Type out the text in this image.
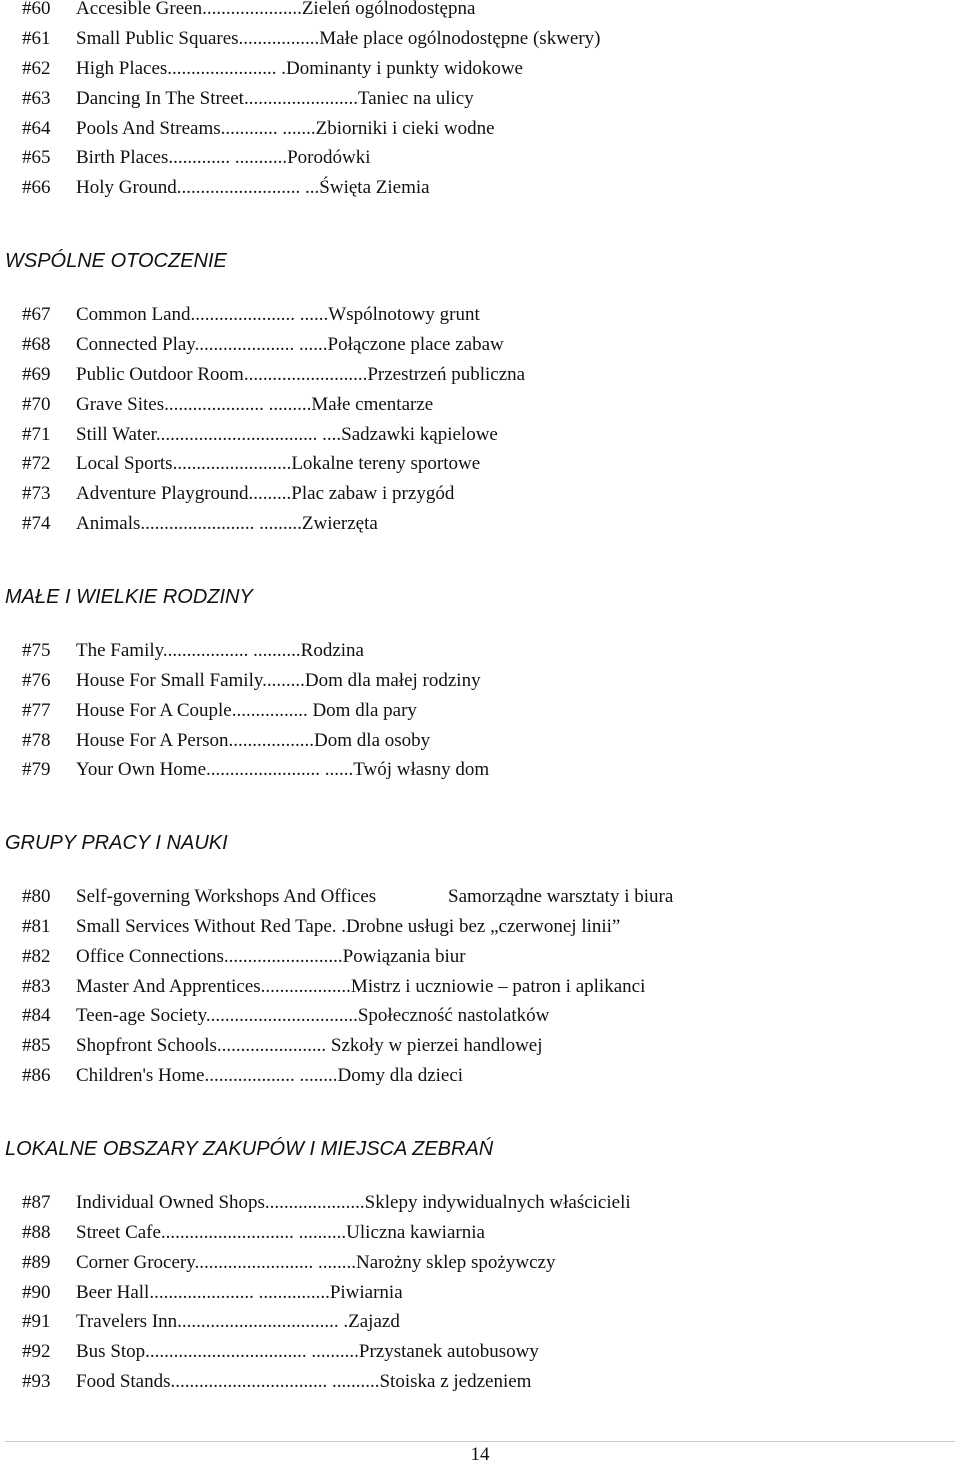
#60 Accesible Green.....................Zieleń ogólnodostępna
#61 Small Public Squares.................Małe place ogólnodostępne (skwery)
#62 High Places....................... .Dominanty i punkty widokowe
#63 Dancing In The Street........................Taniec na ulicy
#64 Pools And Streams............ .......Zbiorniki i cieki wodne
#65 Birth Places............. ...........Porodówki
#66 Holy Ground.......................... ...Święta Ziemia
WSPÓLNE OTOCZENIE
#67 Common Land...................... ......Wspólnotowy grunt
#68 Connected Play..................... ......Połączone place zabaw
#69 Public Outdoor Room..........................Przestrzeń publiczna
#70 Grave Sites..................... .........Małe cmentarze
#71 Still Water.................................. ....Sadzawki kąpielowe
#72 Local Sports.........................Lokalne tereny sportowe
#73 Adventure Playground.........Plac zabaw i przygód
#74 Animals........................ .........Zwierzęta
MAŁE I WIELKIE RODZINY
#75 The Family.................. ..........Rodzina
#76 House For Small Family.........Dom dla małej rodziny
#77 House For A Couple................ Dom dla pary
#78 House For A Person..................Dom dla osoby
#79 Your Own Home........................ ......Twój własny dom
GRUPY PRACY I NAUKI
#80 Self-governing Workshops And Offices	Samorządne warsztaty i biura
#81 Small Services Without Red Tape. .Drobne usługi bez „czerwonej linii”
#82 Office Connections.........................Powiązania biur
#83 Master And Apprentices...................Mistrz i uczniowie – patron i aplikanci
#84 Teen-age Society................................Społeczność nastolatków
#85 Shopfront Schools....................... Szkoły w pierzei handlowej
#86 Children's Home................... ........Domy dla dzieci
LOKALNE OBSZARY ZAKUPÓW I MIEJSCA ZEBRAŃ
#87 Individual Owned Shops.....................Sklepy indywidualnych właścicieli
#88 Street Cafe............................ ..........Uliczna kawiarnia
#89 Corner Grocery......................... ........Narożny sklep spożywczy
#90 Beer Hall...................... ...............Piwiarnia
#91 Travelers Inn.................................. .Zajazd
#92 Bus Stop.................................. ..........Przystanek autobusowy
#93 Food Stands................................. ..........Stoiska z jedzeniem
14
